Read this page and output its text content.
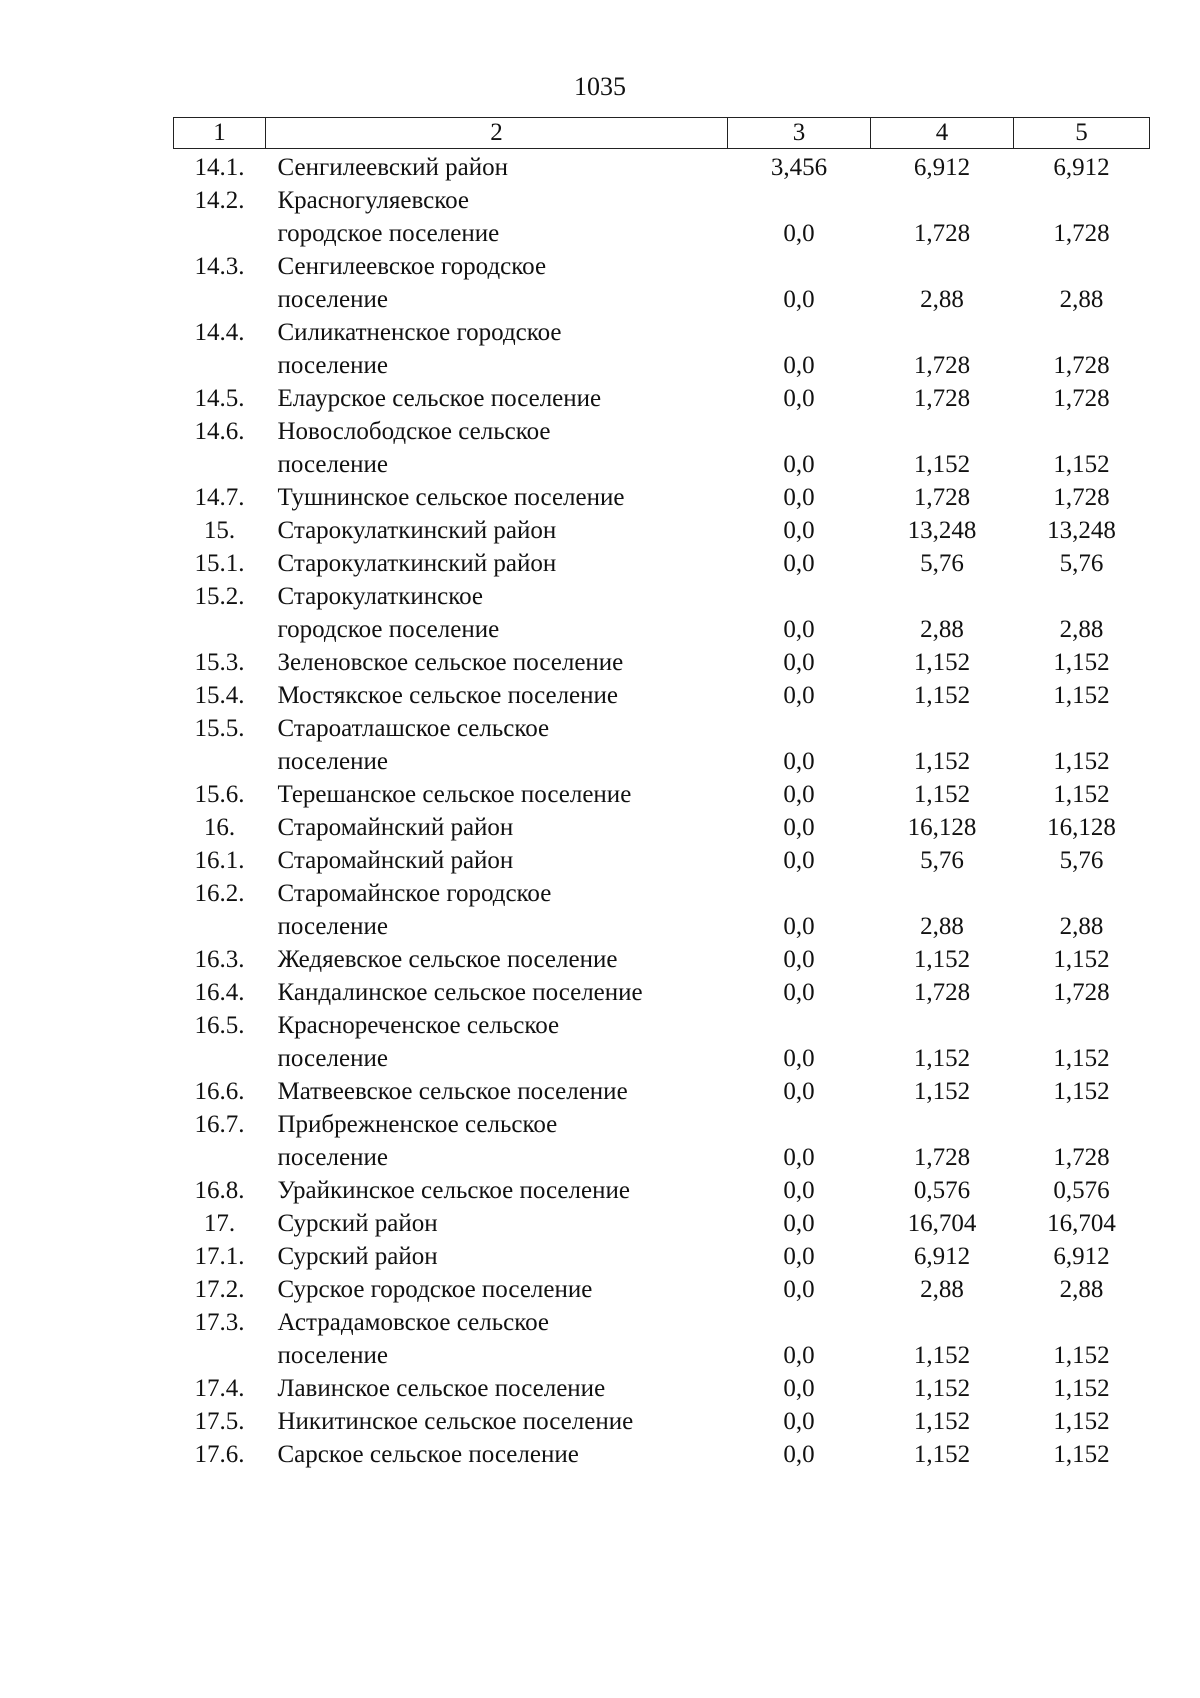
1035
1	2	3	4	5
14.1.	Сенгилеевский район	3,456	6,912	6,912
14.2.	Красногуляевское городское поселение	0,0	1,728	1,728
14.3.	Сенгилеевское городское поселение	0,0	2,88	2,88
14.4.	Силикатненское городское поселение	0,0	1,728	1,728
14.5.	Елаурское сельское поселение	0,0	1,728	1,728
14.6.	Новослободское сельское поселение	0,0	1,152	1,152
14.7.	Тушнинское сельское поселение	0,0	1,728	1,728
15.	Старокулаткинский район	0,0	13,248	13,248
15.1.	Старокулаткинский район	0,0	5,76	5,76
15.2.	Старокулаткинское городское поселение	0,0	2,88	2,88
15.3.	Зеленовское сельское поселение	0,0	1,152	1,152
15.4.	Мостякское сельское поселение	0,0	1,152	1,152
15.5.	Староатлашское сельское поселение	0,0	1,152	1,152
15.6.	Терешанское сельское поселение	0,0	1,152	1,152
16.	Старомайнский район	0,0	16,128	16,128
16.1.	Старомайнский район	0,0	5,76	5,76
16.2.	Старомайнское городское поселение	0,0	2,88	2,88
16.3.	Жедяевское сельское поселение	0,0	1,152	1,152
16.4.	Кандалинское сельское поселение	0,0	1,728	1,728
16.5.	Краснореченское сельское поселение	0,0	1,152	1,152
16.6.	Матвеевское сельское поселение	0,0	1,152	1,152
16.7.	Прибрежненское сельское поселение	0,0	1,728	1,728
16.8.	Урайкинское сельское поселение	0,0	0,576	0,576
17.	Сурский район	0,0	16,704	16,704
17.1.	Сурский район	0,0	6,912	6,912
17.2.	Сурское городское поселение	0,0	2,88	2,88
17.3.	Астрадамовское сельское поселение	0,0	1,152	1,152
17.4.	Лавинское сельское поселение	0,0	1,152	1,152
17.5.	Никитинское сельское поселение	0,0	1,152	1,152
17.6.	Сарское сельское поселение	0,0	1,152	1,152
